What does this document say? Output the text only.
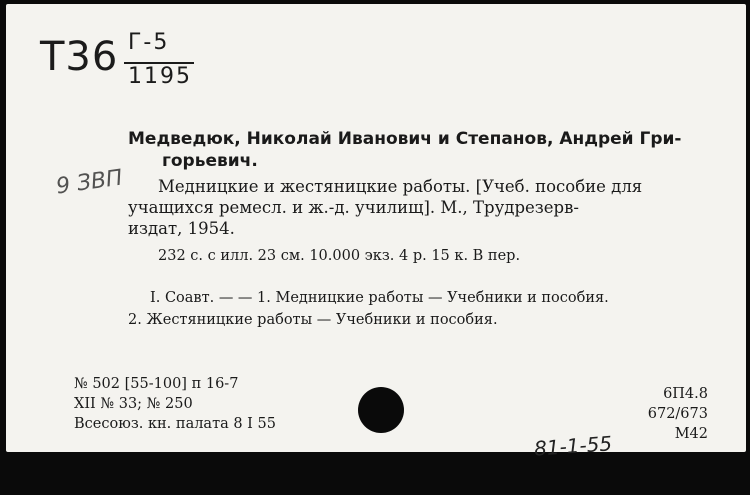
Т36 Г-5
1195
9 ЗВП
Медведюк, Николай Иванович и Степанов, Андрей Гри-
горьевич.
Медницкие и жестяницкие работы. [Учеб. пособие для
учащихся ремесл. и ж.-д. училищ]. М., Трудрезерв-
издат, 1954.
232 с. с илл. 23 см. 10.000 экз. 4 р. 15 к. В пер.
I. Соавт. — — 1. Медницкие работы — Учебники и пособия.
2. Жестяницкие работы — Учебники и пособия.
№ 502 [55-100] п 16-7
XII № 33; № 250
Всесоюз. кн. палата 8 I 55
6П4.8
672/673
М42
81-1-55
